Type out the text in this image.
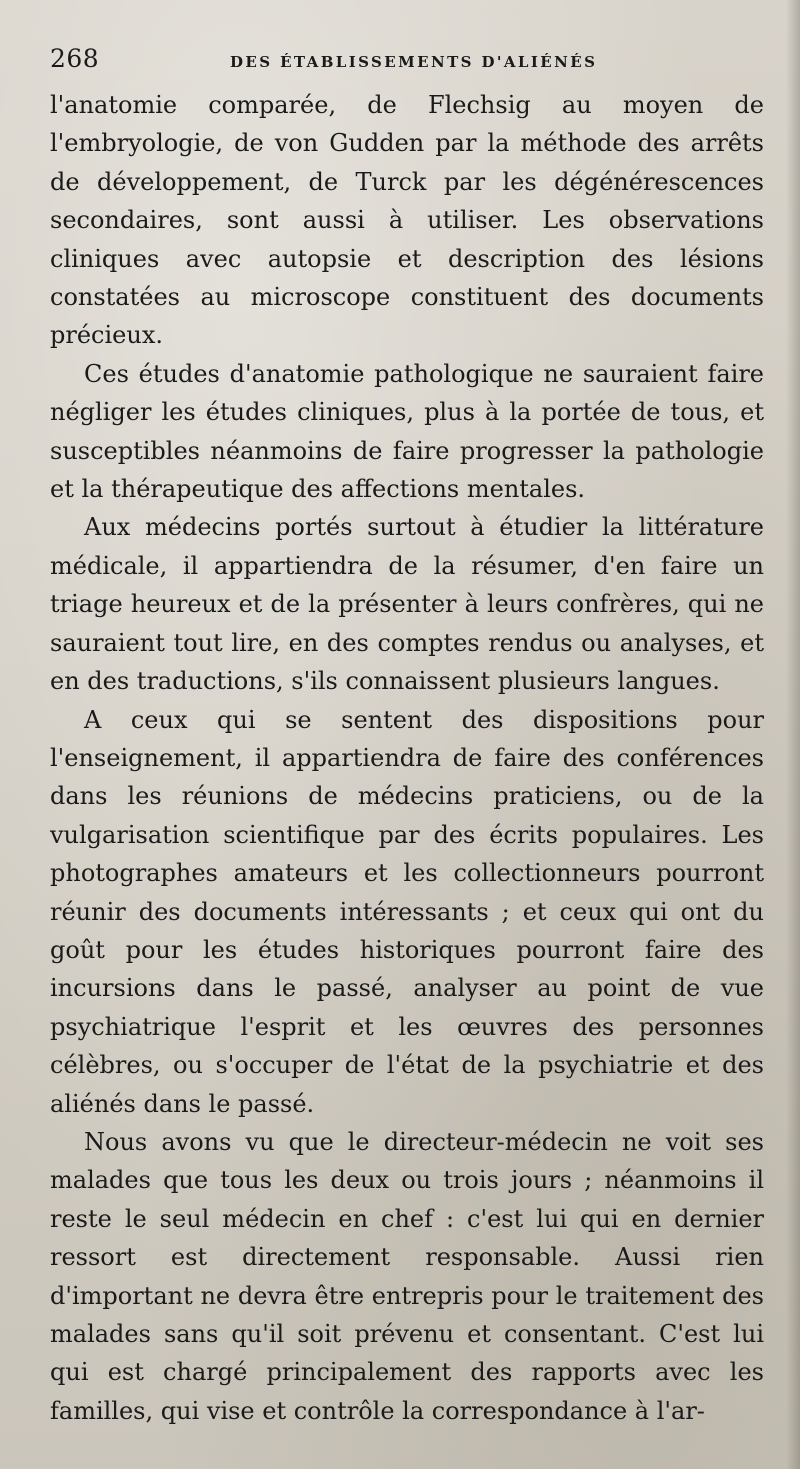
268	DES ÉTABLISSEMENTS D'ALIÉNÉS

l'anatomie comparée, de Flechsig au moyen de l'embryologie, de von Gudden par la méthode des arrêts de développement, de Turck par les dégénérescences secondaires, sont aussi à utiliser. Les observations cliniques avec autopsie et description des lésions constatées au microscope constituent des documents précieux.

Ces études d'anatomie pathologique ne sauraient faire négliger les études cliniques, plus à la portée de tous, et susceptibles néanmoins de faire progresser la pathologie et la thérapeutique des affections mentales.

Aux médecins portés surtout à étudier la littérature médicale, il appartiendra de la résumer, d'en faire un triage heureux et de la présenter à leurs confrères, qui ne sauraient tout lire, en des comptes rendus ou analyses, et en des traductions, s'ils connaissent plusieurs langues.

A ceux qui se sentent des dispositions pour l'enseignement, il appartiendra de faire des conférences dans les réunions de médecins praticiens, ou de la vulgarisation scientifique par des écrits populaires. Les photographes amateurs et les collectionneurs pourront réunir des documents intéressants ; et ceux qui ont du goût pour les études historiques pourront faire des incursions dans le passé, analyser au point de vue psychiatrique l'esprit et les œuvres des personnes célèbres, ou s'occuper de l'état de la psychiatrie et des aliénés dans le passé.

Nous avons vu que le directeur-médecin ne voit ses malades que tous les deux ou trois jours ; néanmoins il reste le seul médecin en chef : c'est lui qui en dernier ressort est directement responsable. Aussi rien d'important ne devra être entrepris pour le traitement des malades sans qu'il soit prévenu et consentant. C'est lui qui est chargé principalement des rapports avec les familles, qui vise et contrôle la correspondance à l'ar-
